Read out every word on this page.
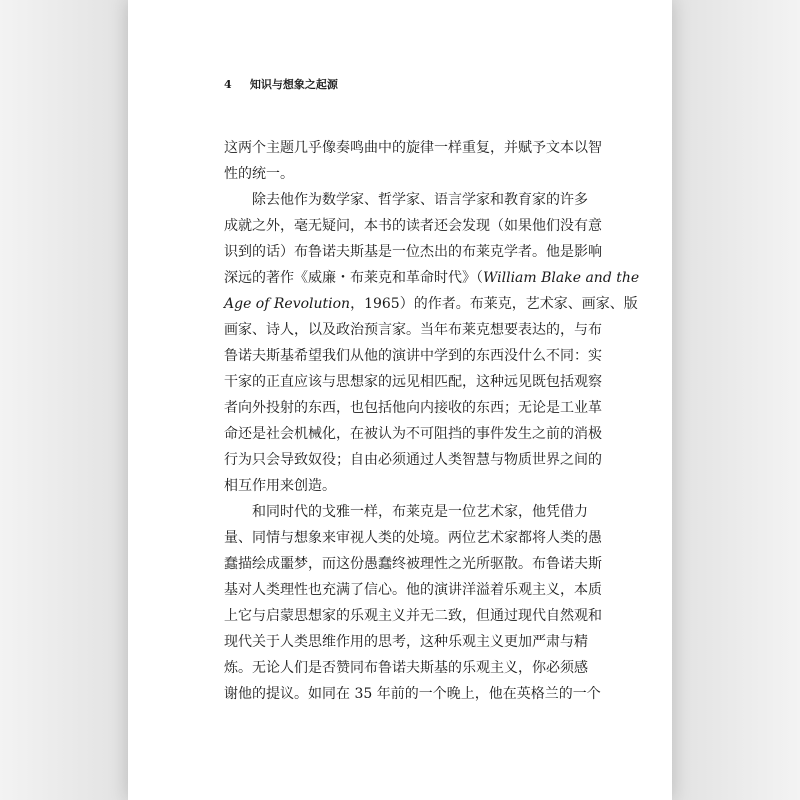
4 知识与想象之起源
这两个主题几乎像奏鸣曲中的旋律一样重复，并赋予文本以智
性的统一。
除去他作为数学家、哲学家、语言学家和教育家的许多
成就之外，毫无疑问，本书的读者还会发现（如果他们没有意
识到的话）布鲁诺夫斯基是一位杰出的布莱克学者。他是影响
深远的著作《威廉・布莱克和革命时代》（William Blake and the
Age of Revolution，1965）的作者。布莱克，艺术家、画家、版
画家、诗人，以及政治预言家。当年布莱克想要表达的，与布
鲁诺夫斯基希望我们从他的演讲中学到的东西没什么不同：实
干家的正直应该与思想家的远见相匹配，这种远见既包括观察
者向外投射的东西，也包括他向内接收的东西；无论是工业革
命还是社会机械化，在被认为不可阻挡的事件发生之前的消极
行为只会导致奴役；自由必须通过人类智慧与物质世界之间的
相互作用来创造。
和同时代的戈雅一样，布莱克是一位艺术家，他凭借力
量、同情与想象来审视人类的处境。两位艺术家都将人类的愚
蠢描绘成噩梦，而这份愚蠢终被理性之光所驱散。布鲁诺夫斯
基对人类理性也充满了信心。他的演讲洋溢着乐观主义，本质
上它与启蒙思想家的乐观主义并无二致，但通过现代自然观和
现代关于人类思维作用的思考，这种乐观主义更加严肃与精
炼。无论人们是否赞同布鲁诺夫斯基的乐观主义，你必须感
谢他的提议。如同在 35 年前的一个晚上，他在英格兰的一个
